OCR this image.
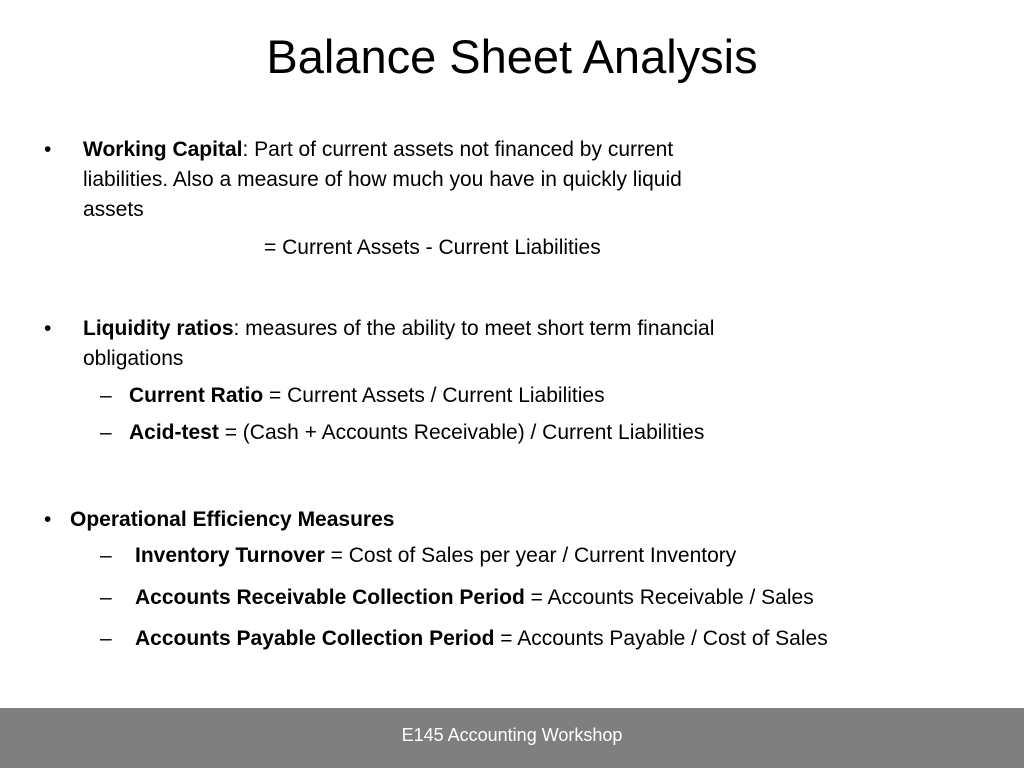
Balance Sheet Analysis
• Working Capital: Part of current assets not financed by current
liabilities. Also a measure of how much you have in quickly liquid
assets
= Current Assets - Current Liabilities
• Liquidity ratios: measures of the ability to meet short term financial
obligations
– Current Ratio = Current Assets / Current Liabilities
– Acid-test = (Cash + Accounts Receivable) / Current Liabilities
• Operational Efficiency Measures
– Inventory Turnover = Cost of Sales per year / Current Inventory
– Accounts Receivable Collection Period = Accounts Receivable / Sales
– Accounts Payable Collection Period = Accounts Payable / Cost of Sales
E145 Accounting Workshop
